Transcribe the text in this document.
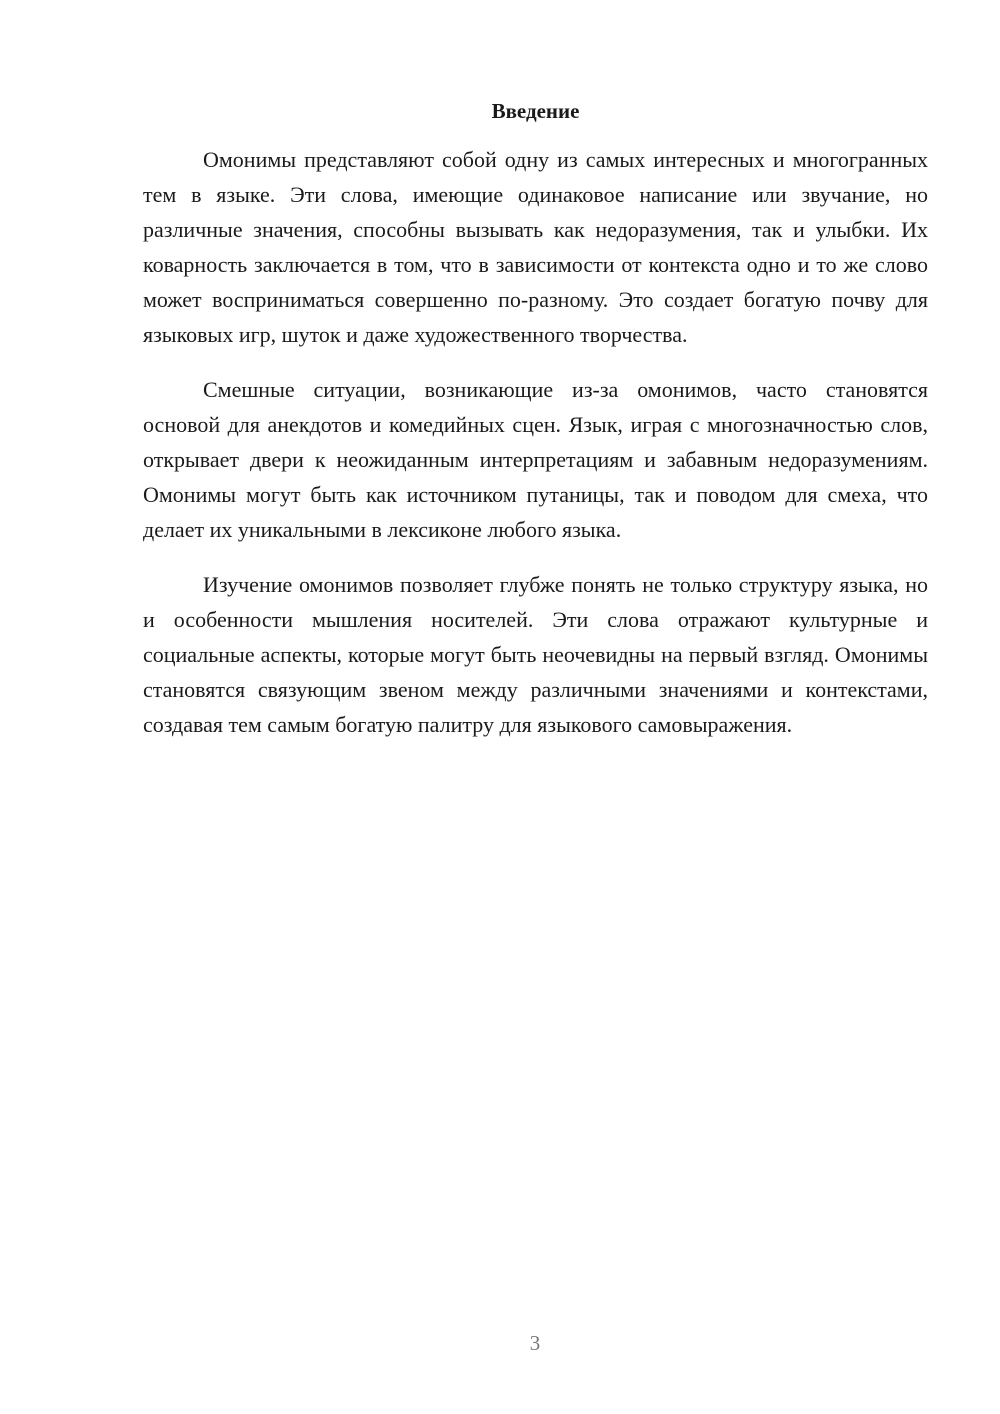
Введение

Омонимы представляют собой одну из самых интересных и многогранных тем в языке. Эти слова, имеющие одинаковое написание или звучание, но различные значения, способны вызывать как недоразумения, так и улыбки. Их коварность заключается в том, что в зависимости от контекста одно и то же слово может восприниматься совершенно по-разному. Это создает богатую почву для языковых игр, шуток и даже художественного творчества.

Смешные ситуации, возникающие из-за омонимов, часто становятся основой для анекдотов и комедийных сцен. Язык, играя с многозначностью слов, открывает двери к неожиданным интерпретациям и забавным недоразумениям. Омонимы могут быть как источником путаницы, так и поводом для смеха, что делает их уникальными в лексиконе любого языка.

Изучение омонимов позволяет глубже понять не только структуру языка, но и особенности мышления носителей. Эти слова отражают культурные и социальные аспекты, которые могут быть неочевидны на первый взгляд. Омонимы становятся связующим звеном между различными значениями и контекстами, создавая тем самым богатую палитру для языкового самовыражения.

3
